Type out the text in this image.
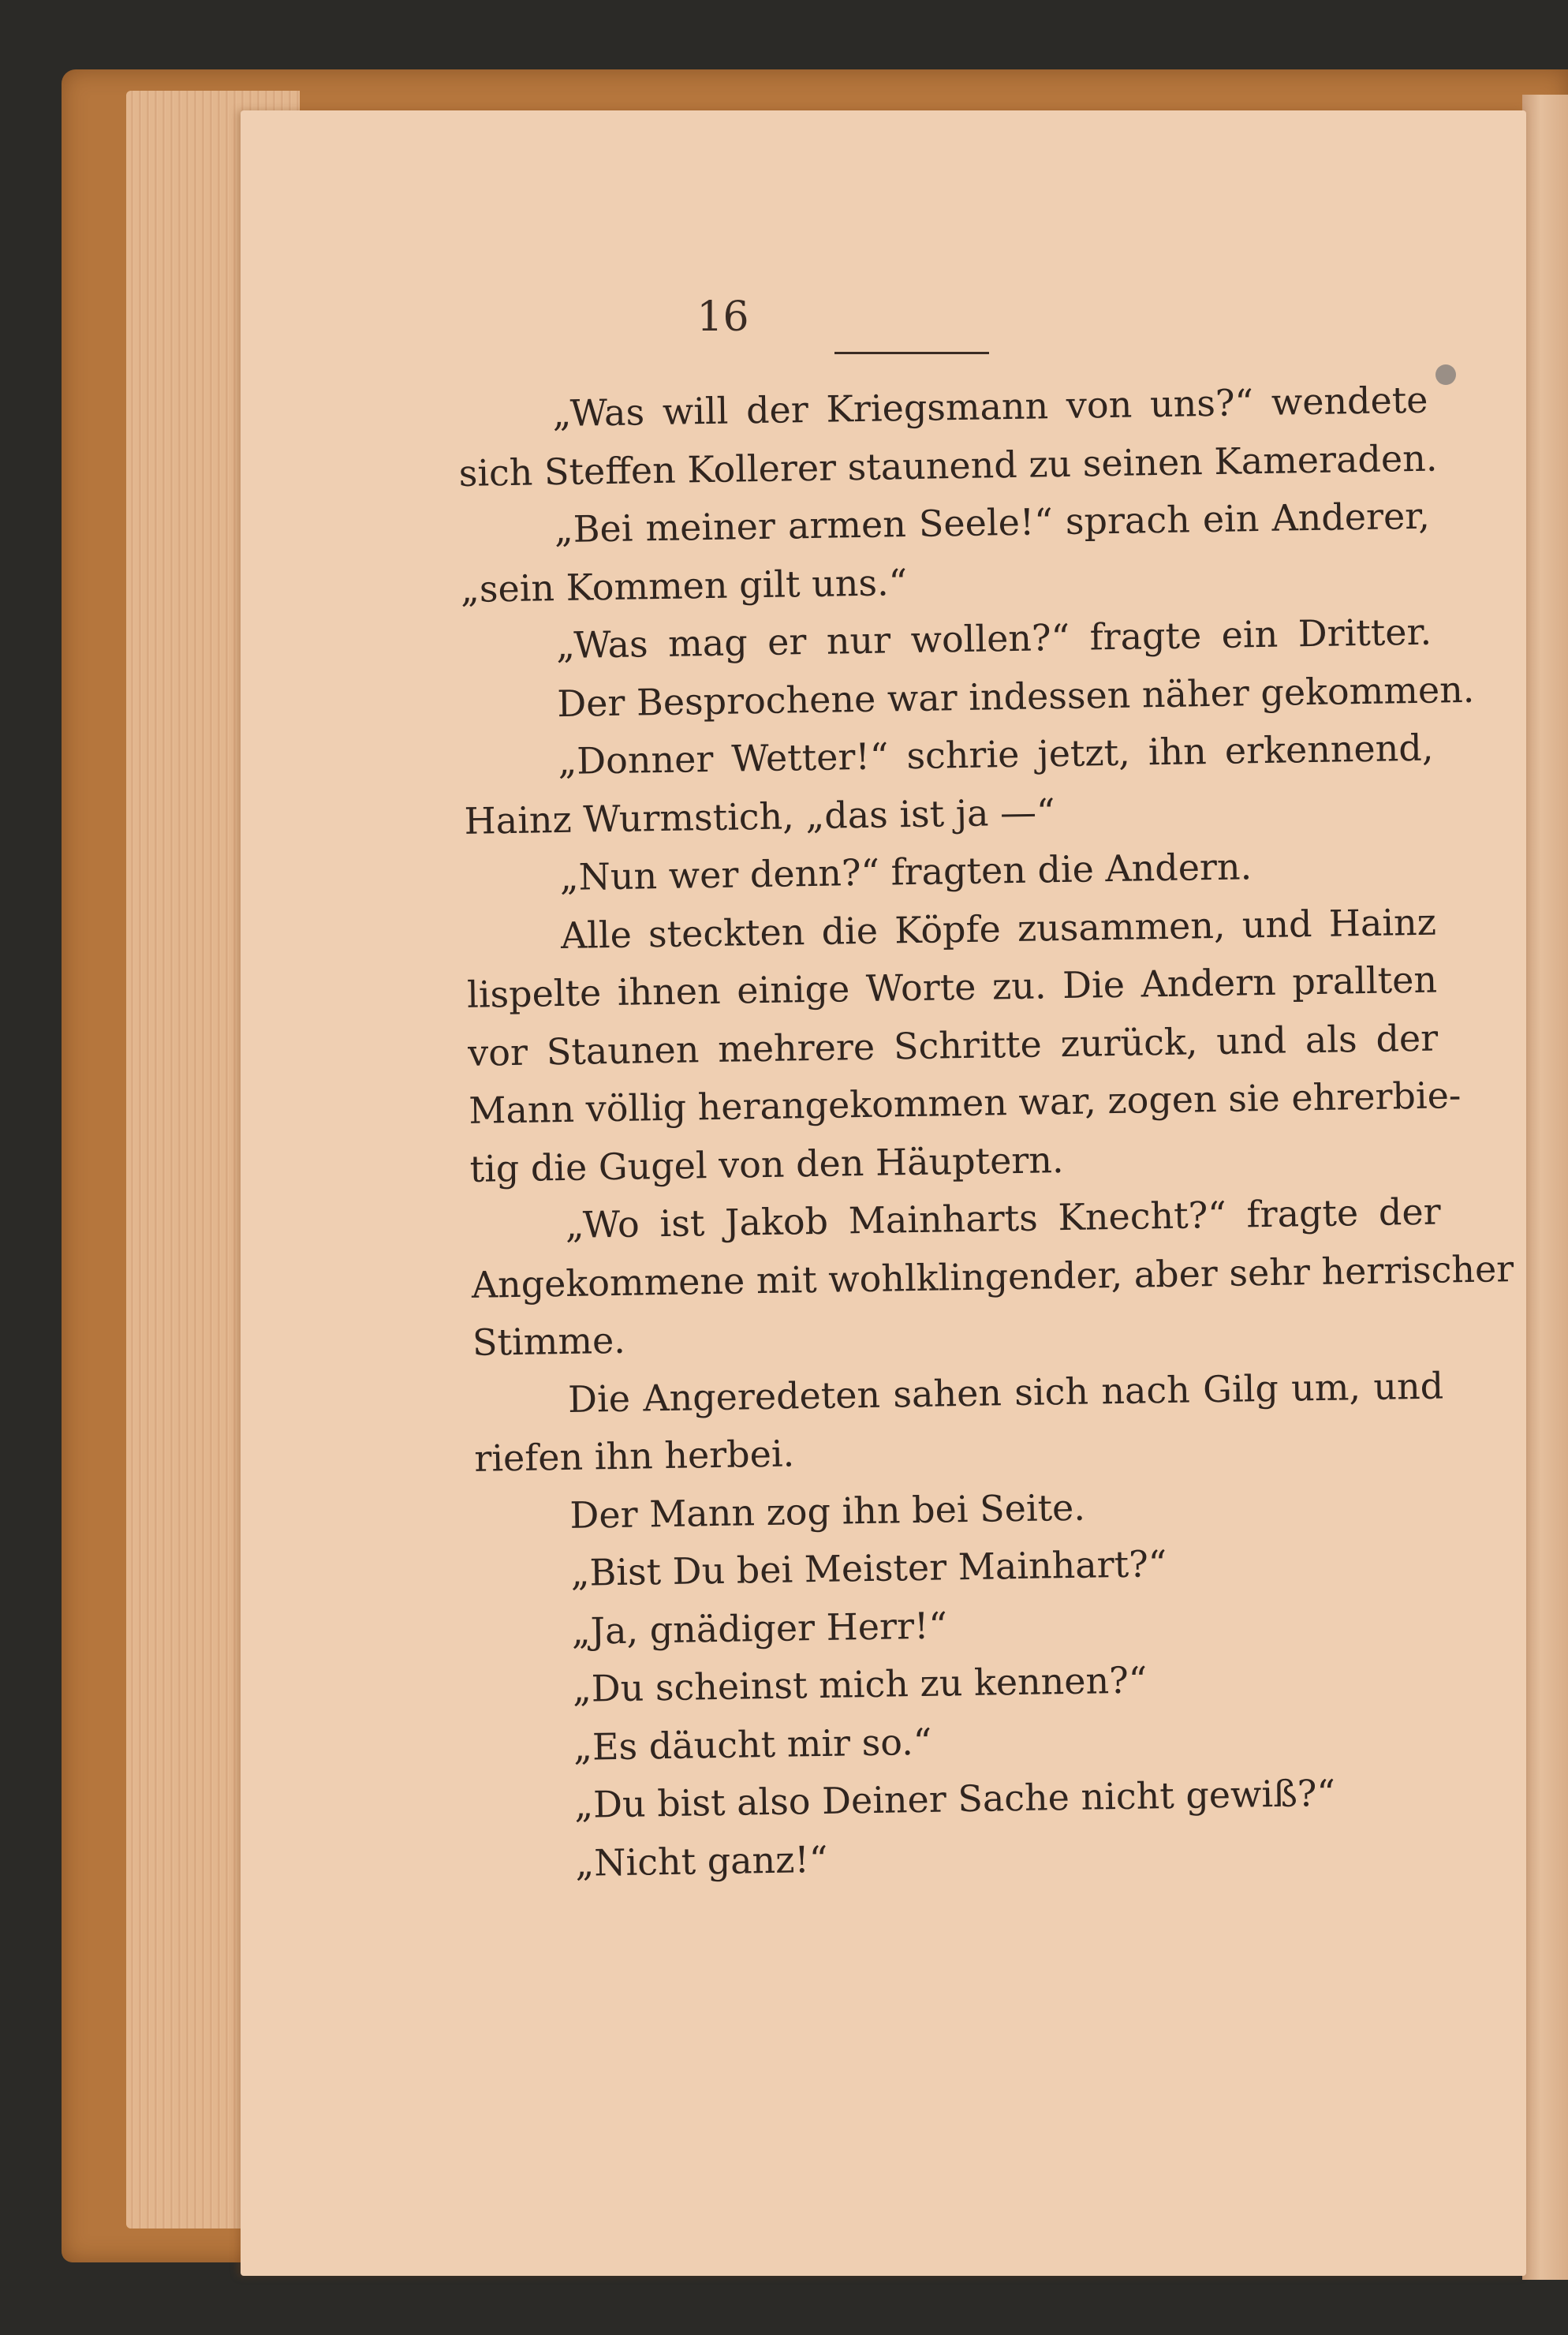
16
„Was will der Kriegsmann von uns?“ wendete
sich Steffen Kollerer staunend zu seinen Kameraden.
„Bei meiner armen Seele!“ sprach ein Anderer,
„sein Kommen gilt uns.“
„Was mag er nur wollen?“ fragte ein Dritter.
Der Besprochene war indessen näher gekommen.
„Donner Wetter!“ schrie jetzt, ihn erkennend,
Hainz Wurmstich, „das ist ja —“
„Nun wer denn?“ fragten die Andern.
Alle steckten die Köpfe zusammen, und Hainz
lispelte ihnen einige Worte zu. Die Andern prallten
vor Staunen mehrere Schritte zurück, und als der
Mann völlig herangekommen war, zogen sie ehrerbie-
tig die Gugel von den Häuptern.
„Wo ist Jakob Mainharts Knecht?“ fragte der
Angekommene mit wohlklingender, aber sehr herrischer
Stimme.
Die Angeredeten sahen sich nach Gilg um, und
riefen ihn herbei.
Der Mann zog ihn bei Seite.
„Bist Du bei Meister Mainhart?“
„Ja, gnädiger Herr!“
„Du scheinst mich zu kennen?“
„Es däucht mir so.“
„Du bist also Deiner Sache nicht gewiß?“
„Nicht ganz!“
